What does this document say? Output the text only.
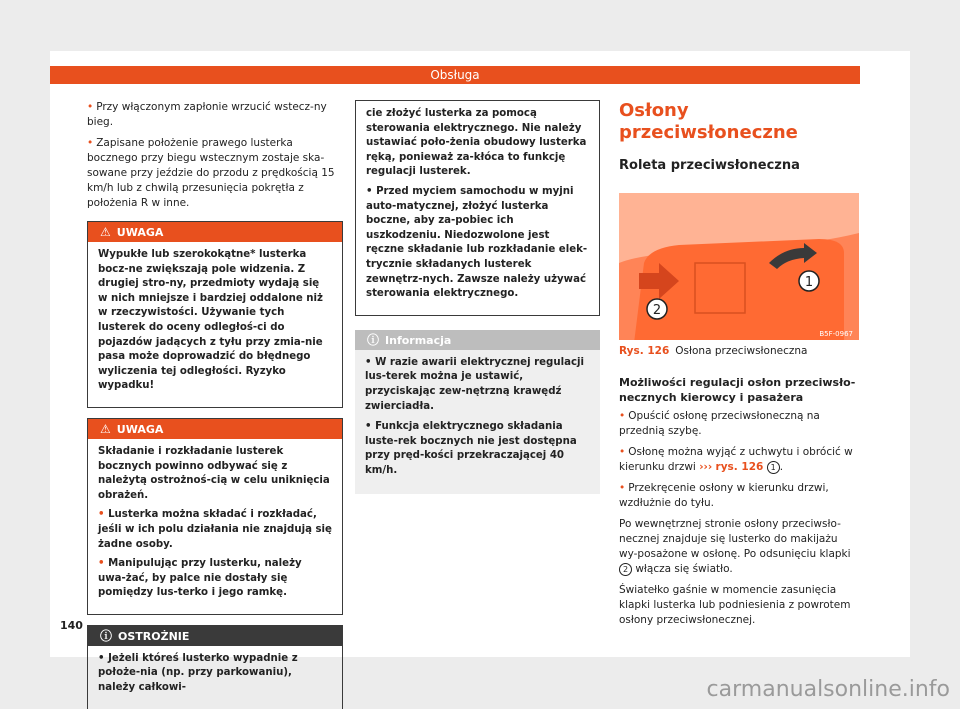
Obsługa
• Przy włączonym zapłonie wrzucić wstecz-ny bieg.
• Zapisane położenie prawego lusterka bocznego przy biegu wstecznym zostaje ska-sowane przy jeździe do przodu z prędkością 15 km/h lub z chwilą przesunięcia pokrętła z położenia R w inne.
⚠ UWAGA

Wypukłe lub szerokokątne* lusterka bocz-ne zwiększają pole widzenia. Z drugiej stro-ny, przedmioty wydają się w nich mniejsze i bardziej oddalone niż w rzeczywistości. Używanie tych lusterek do oceny odległoś-ci do pojazdów jadących z tyłu przy zmia-nie pasa może doprowadzić do błędnego wyliczenia tej odległości. Ryzyko wypadku!

⚠ UWAGA

Składanie i rozkładanie lusterek bocznych powinno odbywać się z należytą ostrożnoś-cią w celu uniknięcia obrażeń.

• Lusterka można składać i rozkładać, jeśli w ich polu działania nie znajdują się żadne osoby.

• Manipulując przy lusterku, należy uwa-żać, by palce nie dostały się pomiędzy lus-terko i jego ramkę.

ⓘ OSTROŻNIE

• Jeżeli któreś lusterko wypadnie z położe-nia (np. przy parkowaniu), należy całkowi-

cie złożyć lusterka za pomocą sterowania elektrycznego. Nie należy ustawiać poło-żenia obudowy lusterka ręką, ponieważ za-kłóca to funkcję regulacji lusterek.

• Przed myciem samochodu w myjni auto-matycznej, złożyć lusterka boczne, aby za-pobiec ich uszkodzeniu. Niedozwolone jest ręczne składanie lub rozkładanie elek-trycznie składanych lusterek zewnętrz-nych. Zawsze należy używać sterowania elektrycznego.

ⓘ Informacja

• W razie awarii elektrycznej regulacji lus-terek można je ustawić, przyciskając zew-nętrzną krawędź zwierciadła.

• Funkcja elektrycznego składania luste-rek bocznych nie jest dostępna przy pręd-kości przekraczającej 40 km/h.

Osłony przeciwsłoneczne
Roleta przeciwsłoneczna
1
2
B5F-0967
Rys. 126 Osłona przeciwsłoneczna
Możliwości regulacji osłon przeciwsło-necznych kierowcy i pasażera
• Opuścić osłonę przeciwsłoneczną na przednią szybę.
• Osłonę można wyjąć z uchwytu i obrócić w kierunku drzwi ››› rys. 126 1 .
• Przekręcenie osłony w kierunku drzwi, wzdłużnie do tyłu.

Po wewnętrznej stronie osłony przeciwsło-necznej znajduje się lusterko do makijażu wy-posażone w osłonę. Po odsunięciu klapki 2 włącza się światło.

Światełko gaśnie w momencie zasunięcia klapki lusterka lub podniesienia z powrotem osłony przeciwsłonecznej.

140
carmanualsonline.info
